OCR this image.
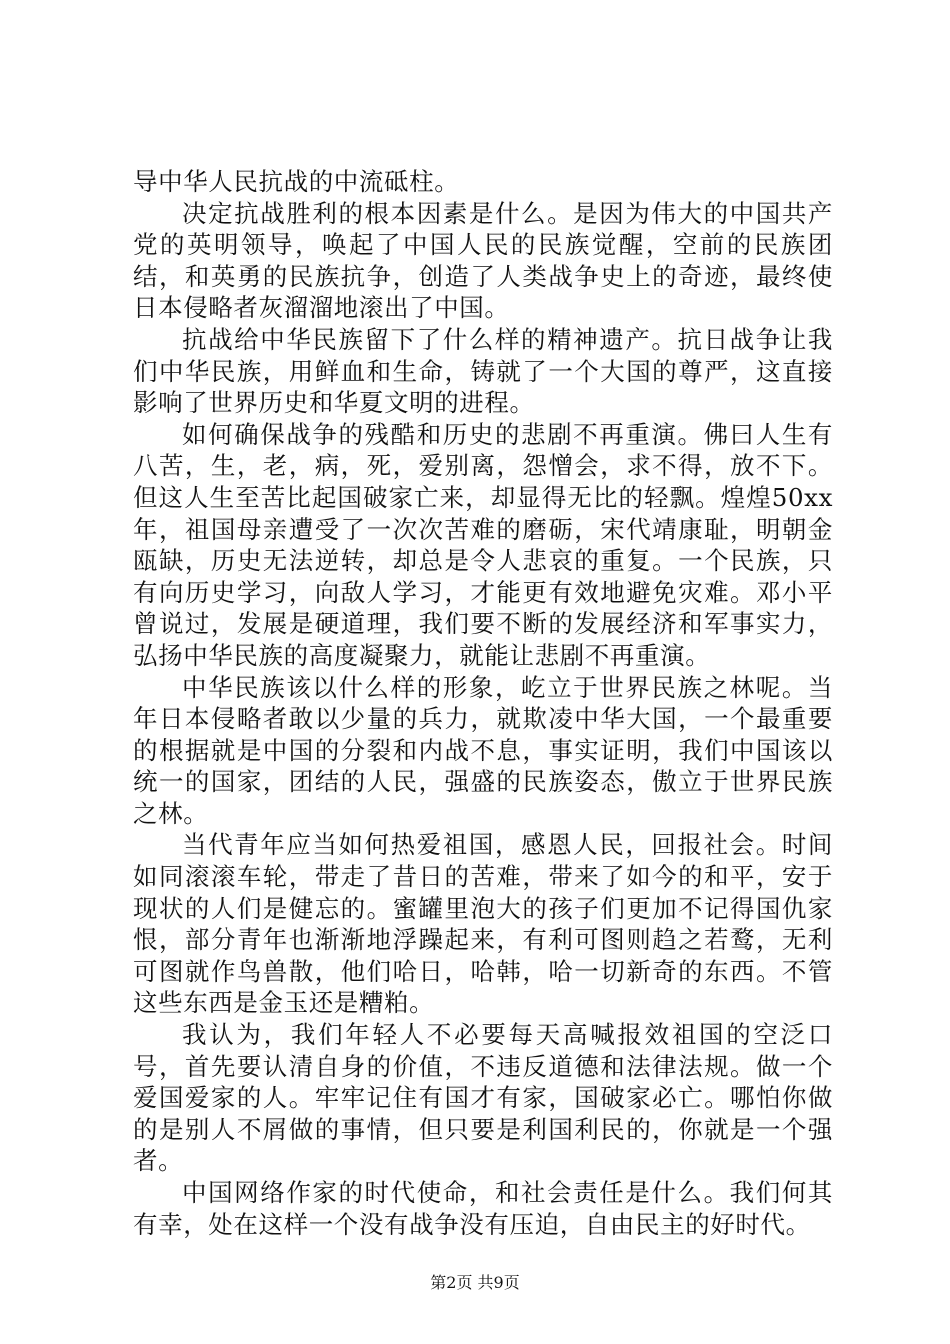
导中华人民抗战的中流砥柱。

决定抗战胜利的根本因素是什么。是因为伟大的中国共产党的英明领导，唤起了中国人民的民族觉醒，空前的民族团结，和英勇的民族抗争，创造了人类战争史上的奇迹，最终使日本侵略者灰溜溜地滚出了中国。

抗战给中华民族留下了什么样的精神遗产。抗日战争让我们中华民族，用鲜血和生命，铸就了一个大国的尊严，这直接影响了世界历史和华夏文明的进程。

如何确保战争的残酷和历史的悲剧不再重演。佛曰人生有八苦，生，老，病，死，爱别离，怨憎会，求不得，放不下。但这人生至苦比起国破家亡来，却显得无比的轻飘。煌煌50xx年，祖国母亲遭受了一次次苦难的磨砺，宋代靖康耻，明朝金瓯缺，历史无法逆转，却总是令人悲哀的重复。一个民族，只有向历史学习，向敌人学习，才能更有效地避免灾难。邓小平曾说过，发展是硬道理，我们要不断的发展经济和军事实力，弘扬中华民族的高度凝聚力，就能让悲剧不再重演。

中华民族该以什么样的形象，屹立于世界民族之林呢。当年日本侵略者敢以少量的兵力，就欺凌中华大国，一个最重要的根据就是中国的分裂和内战不息，事实证明，我们中国该以统一的国家，团结的人民，强盛的民族姿态，傲立于世界民族之林。

当代青年应当如何热爱祖国，感恩人民，回报社会。时间如同滚滚车轮，带走了昔日的苦难，带来了如今的和平，安于现状的人们是健忘的。蜜罐里泡大的孩子们更加不记得国仇家恨，部分青年也渐渐地浮躁起来，有利可图则趋之若鹜，无利可图就作鸟兽散，他们哈日，哈韩，哈一切新奇的东西。不管这些东西是金玉还是糟粕。

我认为，我们年轻人不必要每天高喊报效祖国的空泛口号，首先要认清自身的价值，不违反道德和法律法规。做一个爱国爱家的人。牢牢记住有国才有家，国破家必亡。哪怕你做的是别人不屑做的事情，但只要是利国利民的，你就是一个强者。

中国网络作家的时代使命，和社会责任是什么。我们何其有幸，处在这样一个没有战争没有压迫，自由民主的好时代。

第2页 共9页
